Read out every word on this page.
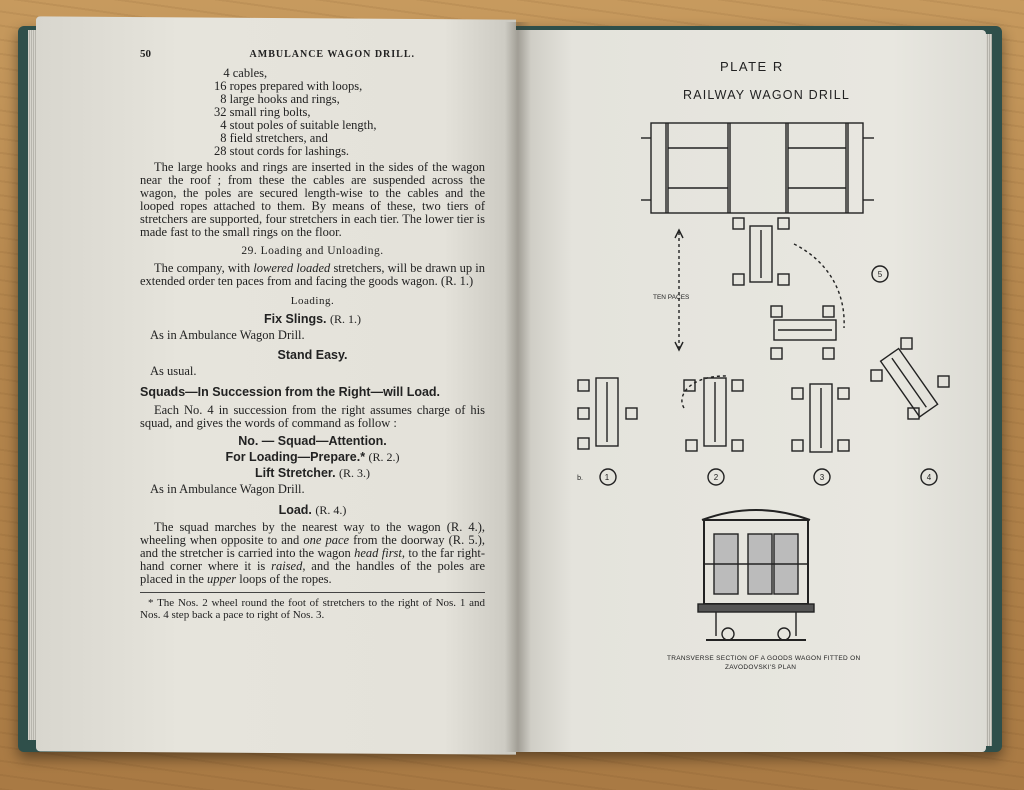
50	AMBULANCE WAGON DRILL.
4 cables,
16 ropes prepared with loops,
8 large hooks and rings,
32 small ring bolts,
4 stout poles of suitable length,
8 field stretchers, and
28 stout cords for lashings.

The large hooks and rings are inserted in the sides of the wagon near the roof ; from these the cables are suspended across the wagon, the poles are secured length-wise to the cables and the looped ropes attached to them. By means of these, two tiers of stretchers are supported, four stretchers in each tier. The lower tier is made fast to the small rings on the floor.

29. Loading and Unloading.

The company, with lowered loaded stretchers, will be drawn up in extended order ten paces from and facing the goods wagon. (R. 1.)

Loading.
Fix Slings. (R. 1.)
As in Ambulance Wagon Drill.
Stand Easy.
As usual.
Squads—In Succession from the Right—will Load.

Each No. 4 in succession from the right assumes charge of his squad, and gives the words of command as follow :

No. — Squad—Attention.
For Loading—Prepare.* (R. 2.)
Lift Stretcher. (R. 3.)
As in Ambulance Wagon Drill.
Load. (R. 4.)

The squad marches by the nearest way to the wagon (R. 4.), wheeling when opposite to and one pace from the doorway (R. 5.), and the stretcher is carried into the wagon head first, to the far right-hand corner where it is raised, and the handles of the poles are placed in the upper loops of the ropes.

* The Nos. 2 wheel round the foot of stretchers to the right of Nos. 1 and Nos. 4 step back a pace to right of Nos. 3.

PLATE R
RAILWAY WAGON DRILL
TEN PACES
1	2	3	4
5
b.
TRANSVERSE SECTION OF A GOODS WAGON FITTED ON
ZAVODOVSKI'S PLAN
